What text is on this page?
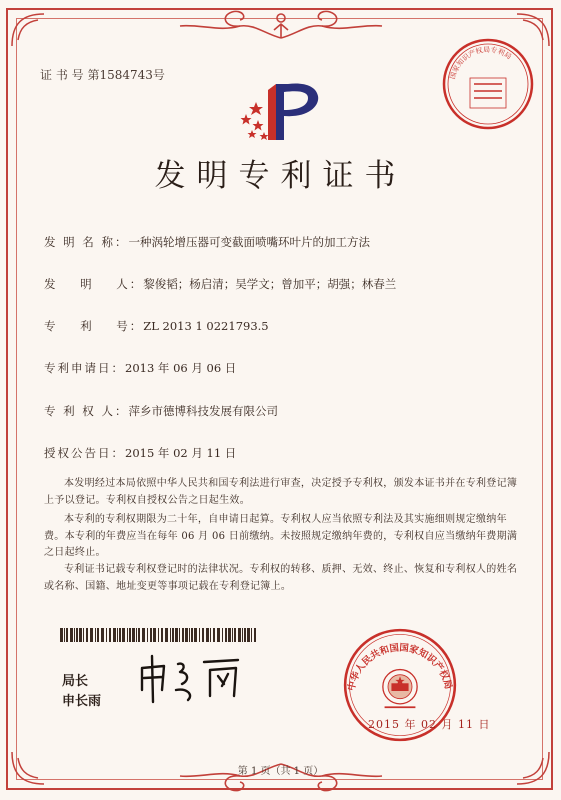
证 书 号 第1584743号	国家知识产权局专利局
发明专利证书
发 明 名 称：一种涡轮增压器可变截面喷嘴环叶片的加工方法
发    明    人：黎俊韬；杨启清；吴学文；曾加平；胡强；林春兰
专    利    号：ZL 2013 1 0221793.5
专利申请日：2013 年 06 月 06 日
专 利 权 人：萍乡市德博科技发展有限公司
授权公告日：2015 年 02 月 11 日
本发明经过本局依照中华人民共和国专利法进行审查，决定授予专利权，颁发本证书并在专利登记簿上予以登记。专利权自授权公告之日起生效。
本专利的专利权期限为二十年，自申请日起算。专利权人应当依照专利法及其实施细则规定缴纳年费。本专利的年费应当在每年 06 月 06 日前缴纳。未按照规定缴纳年费的，专利权自应当缴纳年费期满之日起终止。
专利证书记载专利权登记时的法律状况。专利权的转移、质押、无效、终止、恢复和专利权人的姓名或名称、国籍、地址变更等事项记载在专利登记簿上。
局长
申长雨
中华人民共和国国家知识产权局
2015 年 02 月 11 日
第 1 页（共 1 页）
